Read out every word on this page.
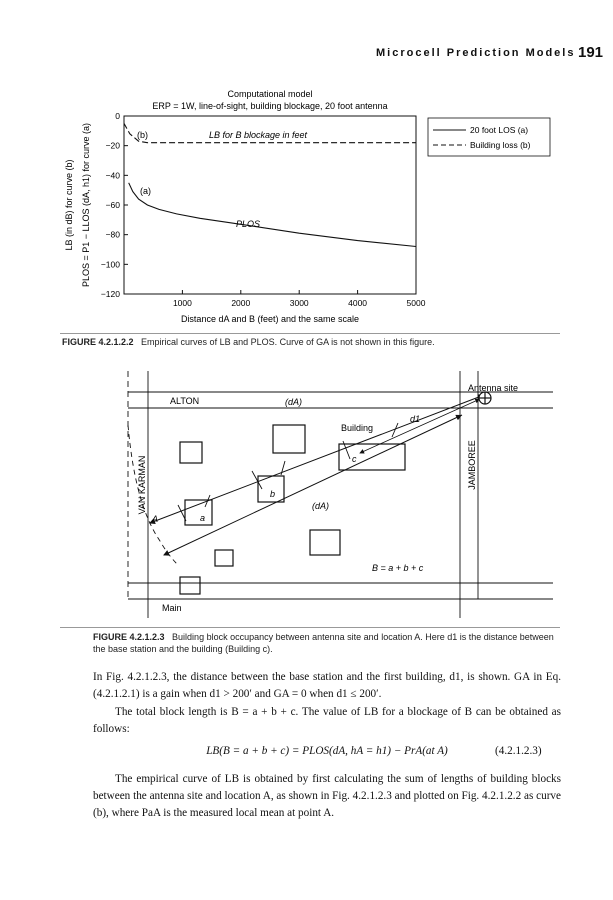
Microcell Prediction Models 191
Computational model
ERP = 1W, line-of-sight, building blockage, 20 foot antenna
0
−20
−40
−60
−80
−100
−120
1000	2000	3000	4000	5000
(b)	LB for B blockage in feet
(a)
PLOS
Distance dA and B (feet) and the same scale
LB (in dB) for curve (b) PLOS = P1 − LLOS (dA, h1) for curve (a)	20 foot LOS (a)
Building loss (b)
FIGURE 4.2.1.2.2 Empirical curves of LB and PLOS. Curve of GA is not shown in this figure.
ALTON
VAN KARMAN	JAMBOREE
Main
Antenna site
(dA)
Building
d1
c
b
(dA)
a
A
B = a + b + c
FIGURE 4.2.1.2.3 Building block occupancy between antenna site and location A. Here d1 is the distance between the base station and the building (Building c).
In Fig. 4.2.1.2.3, the distance between the base station and the first building, d1, is shown. GA in Eq. (4.2.1.2.1) is a gain when d1 > 200′ and GA = 0 when d1 ≤ 200′.
The total block length is B = a + b + c. The value of LB for a blockage of B can be obtained as follows:
LB(B = a + b + c) = PLOS(dA, hA = h1) − PrA(at A)	(4.2.1.2.3)
The empirical curve of LB is obtained by first calculating the sum of lengths of building blocks between the antenna site and location A, as shown in Fig. 4.2.1.2.3 and plotted on Fig. 4.2.1.2.2 as curve (b), where PaA is the measured local mean at point A.
